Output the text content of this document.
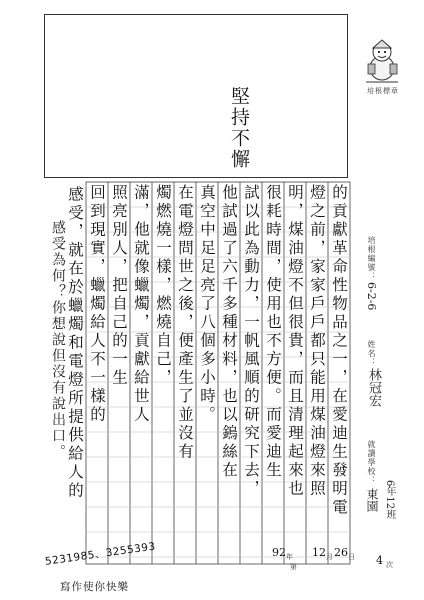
堅持不懈	培根標章
的貢獻革命性物品之一，在愛迪生發明電
燈之前，家家戶戶都只能用煤油燈來照
明，煤油燈不但很貴，而且清理起來也
很耗時間，使用也不方便。而愛迪生
試以此為動力，一帆風順的研究下去，
他試過了六千多種材料，也以鎢絲在
真空中足足亮了八個多小時。
在電燈問世之後，便產生了並沒有
燭燃燒一樣，燃燒自己，
滿，他就像蠟燭，貢獻給世人
照亮別人，把自己的一生
回到現實，蠟燭給人不一樣的
感受，就在於蠟燭和電燈所提供給人的
感受為何？你想說但沒有說出口。	培根編號：
6-2-6
姓名：
林冠宏
就讀學校：
東園 6年12班
5231985、3255393
寫作使你快樂
92 年 12 月 26 日
第	4 次
